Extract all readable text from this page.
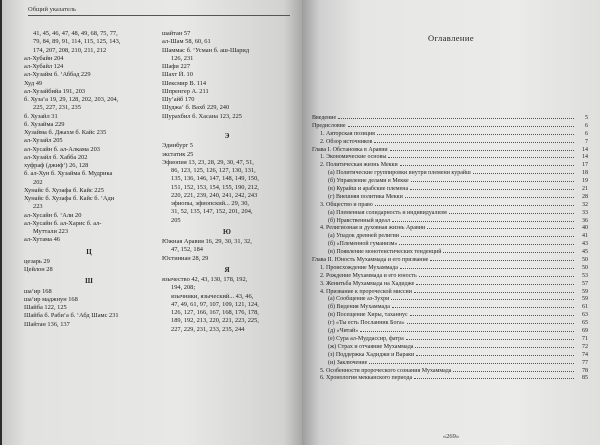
Общий указатель
41, 45, 46, 47, 48, 49, 68, 75, 77,
79, 84, 89, 91, 114, 115, 125, 143,
174, 207, 208, 210, 211, 212
ал-Хубайн 204
ал-Хубайл 124
ал-Хузайм б. ‘Аббад 229
Худ 49
ал-Хузайбийа 191, 203
б. Хуза‘а 19, 29, 128, 202, 203, 204,
225, 227, 231, 235
б. Хузайл 31
б. Хузайма 229
Хузайма б. Джахм б. Кайс 235
ал-Хузайл 205
ал-Хусайн б. ал-Алкама 203
ал-Хузайл б. Хабба 202
хуфраф (джиф‘) 26, 128
б. ал-Хун б. Хузайма б. Мудрика
202
Хунайс б. Хузафа б. Кайс 225
Хунайс б. Хузафа б. Кайс б. ‘Ади
223
ал-Хусайн б. ‘Али 20
ал-Хусайн б. ал-Харис б. ал-
Муттали 223
ал-Хутама 46
Ц
цезарь 29
Цейлон 28
Ш
ша‘ир 168
ша‘ир маджнун 168
Шайба 122, 125
Шайба б. Раби‘а б. ‘Абд Шамс 231
Шайтан 136, 137
шайтан 57
ал-Шам 58, 60, 61
Шаммас б. ‘Усман б. аш-Шарид
126, 231
Шафи 227
Шахт Й. 10
Шексмир В. 114
Шпренгер А. 211
Шу‘айб 170
Шуджа‘ б. Вахб 229, 240
Шурахбил б. Хасана 123, 225
Э
Эдинбург 5
экстатик 25
Эфиопия 13, 23, 28, 29, 30, 47, 51,
86, 123, 125, 126, 127, 130, 131,
135, 136, 146, 147, 148, 149, 150,
151, 152, 153, 154, 155, 190, 212,
220, 221, 239, 240, 241, 242, 243
эфиопы, эфиопский... 29, 30,
31, 52, 135, 147, 152, 201, 204,
205
Ю
Южная Аравия 16, 29, 30, 31, 32,
47, 152, 184
Юстиниан 28, 29
Я
язычество 42, 43, 130, 178, 192,
194, 208;
язычники, языческий... 43, 46,
47, 49, 61, 97, 107, 109, 121, 124,
126, 127, 166, 167, 168, 176, 178,
189, 192, 213, 220, 221, 223, 225,
227, 229, 231, 233, 235, 244
Оглавление
Введение	5
Предисловие	6
1. Авторская позиция	6
2. Обзор источников	7
Глава I. Обстановка в Аравии	14
1. Экономические основы	14
2. Политическая жизнь Мекки	17
(а) Политические группировки внутри племени курайш	18
(б) Управление делами в Мекке	19
(в) Курайш и арабские племена	21
(г) Внешняя политика Мекки	28
3. Общество и право	32
(а) Племенная солидарность и индивидуализм	33
(б) Нравственный идеал	36
4. Религиозная и духовная жизнь Аравии	40
(а) Упадок древней религии	41
(б) «Племенной гуманизм»	43
(в) Появление монотеистических тенденций	45
Глава II. Юность Мухаммада и его призвание	50
1. Происхождение Мухаммада	50
2. Рождение Мухаммада и его юность	53
3. Женитьба Мухаммада на Хадидже	57
4. Призвание к пророческой миссии	59
(а) Сообщение аз-Зухри	59
(б) Видения Мухаммада	61
(в) Посещение Хиры, таханнус	63
(г) «Ты есть Посланник Бога»	65
(д) «Читай»	69
(е) Сура ал-Муддассир, фатра	71
(ж) Страх и отчаяние Мухаммада	72
(з) Поддержка Хадиджи и Вараки	74
(и) Заключение	77
5. Особенности пророческого сознания Мухаммада	78
6. Хронология мекканского периода	85
«269»
